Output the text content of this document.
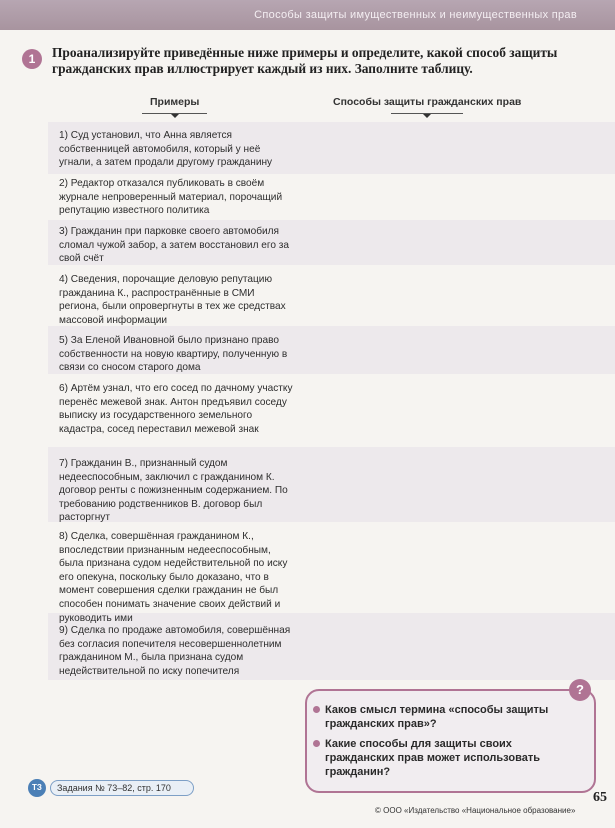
Способы защиты имущественных и неимущественных прав
1	Проанализируйте приведённые ниже примеры и определите, какой способ защиты гражданских прав иллюстрирует каждый из них. Заполните таблицу.
Примеры	Способы защиты гражданских прав
1) Суд установил, что Анна является собственницей автомобиля, который у неё угнали, а затем продали другому гражданину
2) Редактор отказался публиковать в своём журнале непроверенный материал, порочащий репутацию известного политика
3) Гражданин при парковке своего автомобиля сломал чужой забор, а затем восстановил его за свой счёт
4) Сведения, порочащие деловую репутацию гражданина К., распространённые в СМИ региона, были опровергнуты в тех же средствах массовой информации
5) За Еленой Ивановной было признано право собственности на новую квартиру, полученную в связи со сносом старого дома
6) Артём узнал, что его сосед по дачному участку перенёс межевой знак. Антон предъявил соседу выписку из государственного земельного кадастра, сосед переставил межевой знак
7) Гражданин В., признанный судом недееспособным, заключил с гражданином К. договор ренты с пожизненным содержанием. По требованию родственников В. договор был расторгнут
8) Сделка, совершённая гражданином К., впоследствии признанным недееспособным, была признана судом недействительной по иску его опекуна, поскольку было доказано, что в момент совершения сделки гражданин не был способен понимать значение своих действий и руководить ими
9) Сделка по продаже автомобиля, совершённая без согласия попечителя несовершеннолетним гражданином М., была признана судом недействительной по иску попечителя
Каков смысл термина «способы защиты гражданских прав»?
Какие способы для защиты своих гражданских прав может использовать гражданин?
?
ТЗ	Задания № 73–82, стр. 170
© ООО «Издательство «Национальное образование»
65
